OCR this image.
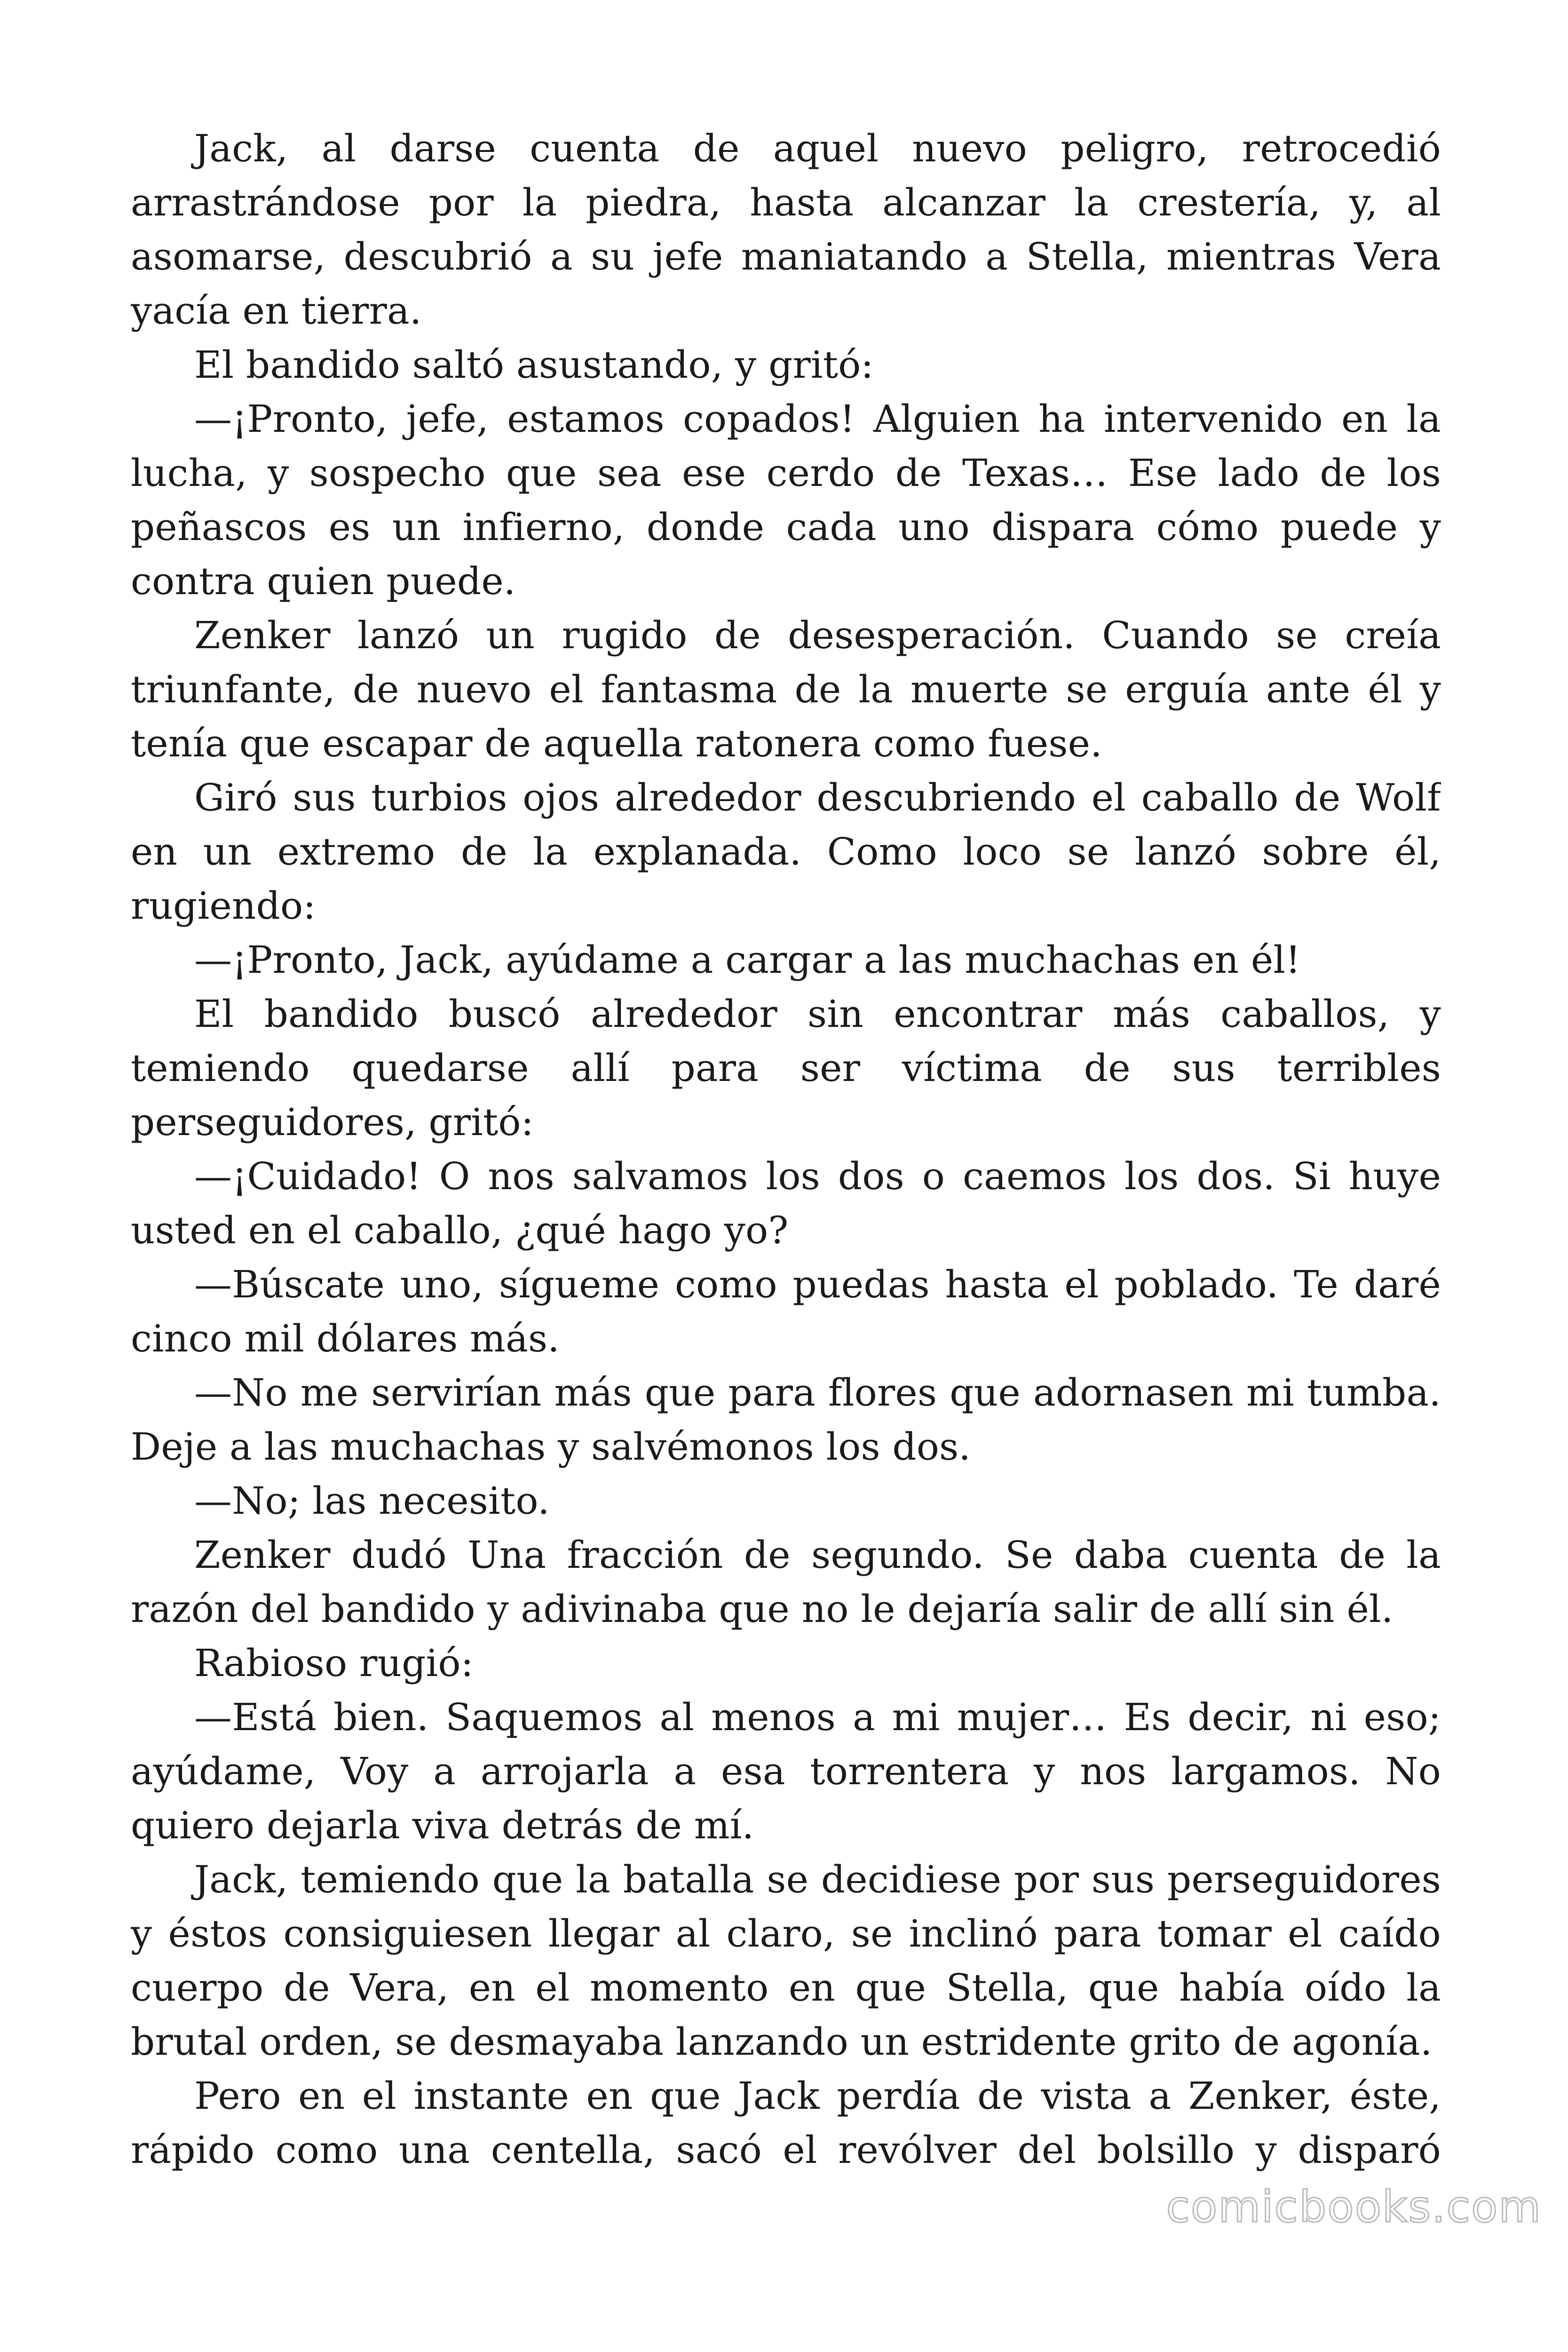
Jack, al darse cuenta de aquel nuevo peligro, retrocedió arrastrándose por la piedra, hasta alcanzar la crestería, y, al asomarse, descubrió a su jefe maniatando a Stella, mientras Vera yacía en tierra.

El bandido saltó asustando, y gritó:

—¡Pronto, jefe, estamos copados! Alguien ha intervenido en la lucha, y sospecho que sea ese cerdo de Texas… Ese lado de los peñascos es un infierno, donde cada uno dispara cómo puede y contra quien puede.

Zenker lanzó un rugido de desesperación. Cuando se creía triunfante, de nuevo el fantasma de la muerte se erguía ante él y tenía que escapar de aquella ratonera como fuese.

Giró sus turbios ojos alrededor descubriendo el caballo de Wolf en un extremo de la explanada. Como loco se lanzó sobre él, rugiendo:

—¡Pronto, Jack, ayúdame a cargar a las muchachas en él!

El bandido buscó alrededor sin encontrar más caballos, y temiendo quedarse allí para ser víctima de sus terribles perseguidores, gritó:

—¡Cuidado! O nos salvamos los dos o caemos los dos. Si huye usted en el caballo, ¿qué hago yo?

—Búscate uno, sígueme como puedas hasta el poblado. Te daré cinco mil dólares más.

—No me servirían más que para flores que adornasen mi tumba. Deje a las muchachas y salvémonos los dos.

—No; las necesito.

Zenker dudó Una fracción de segundo. Se daba cuenta de la razón del bandido y adivinaba que no le dejaría salir de allí sin él.

Rabioso rugió:

—Está bien. Saquemos al menos a mi mujer… Es decir, ni eso; ayúdame, Voy a arrojarla a esa torrentera y nos largamos. No quiero dejarla viva detrás de mí.

Jack, temiendo que la batalla se decidiese por sus perseguidores y éstos consiguiesen llegar al claro, se inclinó para tomar el caído cuerpo de Vera, en el momento en que Stella, que había oído la brutal orden, se desmayaba lanzando un estridente grito de agonía.

Pero en el instante en que Jack perdía de vista a Zenker, éste, rápido como una centella, sacó el revólver del bolsillo y disparó

comicbooks.com
